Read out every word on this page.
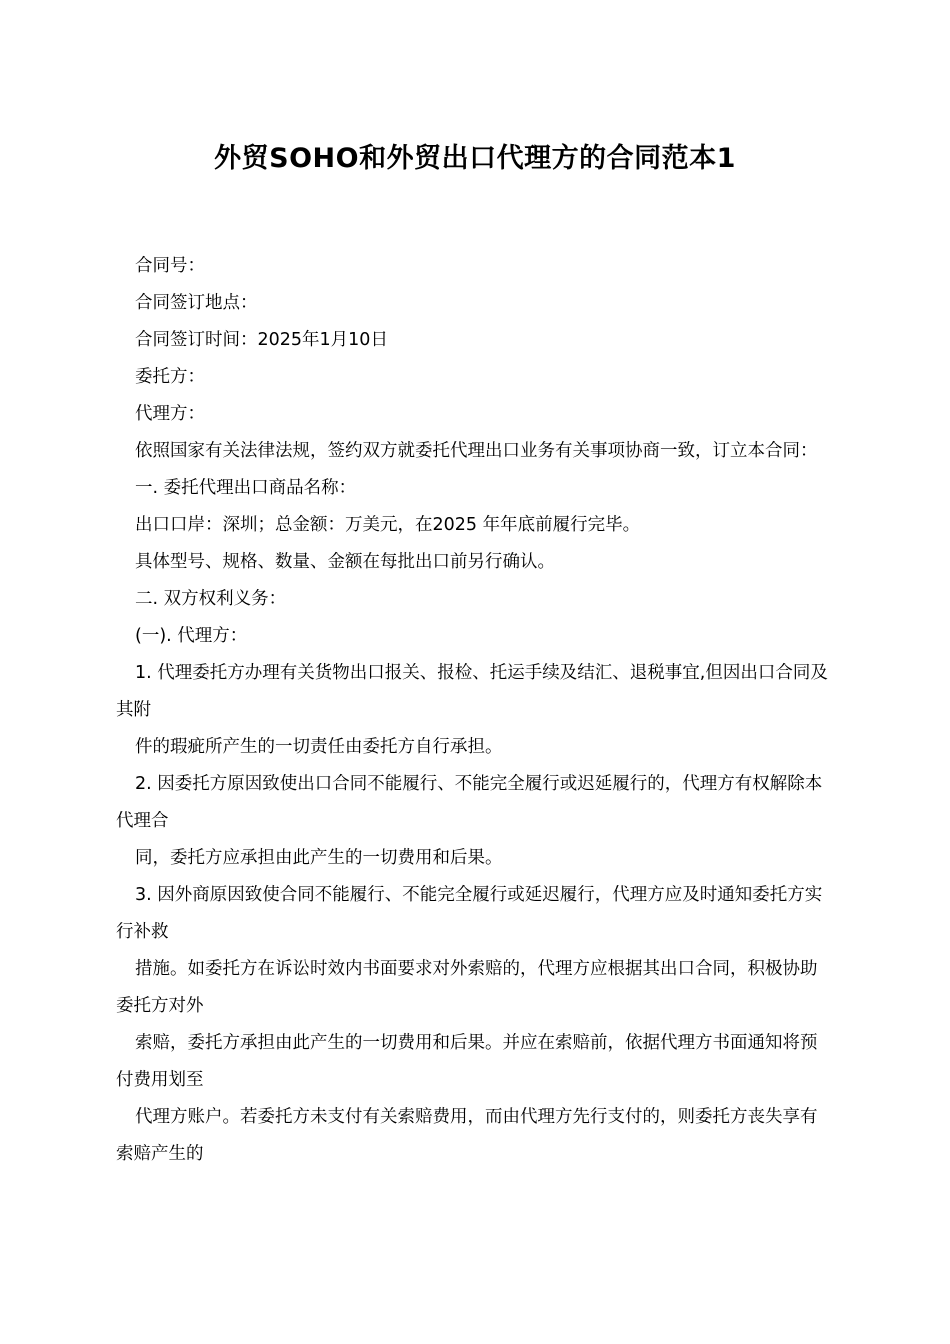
外贸SOHO和外贸出口代理方的合同范本1

合同号：

合同签订地点：

合同签订时间：2025年1月10日

委托方：

代理方：

依照国家有关法律法规，签约双方就委托代理出口业务有关事项协商一致，订立本合同：

一. 委托代理出口商品名称：

出口口岸：深圳；总金额：万美元，在2025 年年底前履行完毕。

具体型号、规格、数量、金额在每批出口前另行确认。

二. 双方权利义务：

(一). 代理方：

1. 代理委托方办理有关货物出口报关、报检、托运手续及结汇、退税事宜,但因出口合同及其附

件的瑕疵所产生的一切责任由委托方自行承担。

2. 因委托方原因致使出口合同不能履行、不能完全履行或迟延履行的，代理方有权解除本代理合

同，委托方应承担由此产生的一切费用和后果。

3. 因外商原因致使合同不能履行、不能完全履行或延迟履行，代理方应及时通知委托方实行补救

措施。如委托方在诉讼时效内书面要求对外索赔的，代理方应根据其出口合同，积极协助委托方对外

索赔，委托方承担由此产生的一切费用和后果。并应在索赔前，依据代理方书面通知将预付费用划至

代理方账户。若委托方未支付有关索赔费用，而由代理方先行支付的，则委托方丧失享有索赔产生的
